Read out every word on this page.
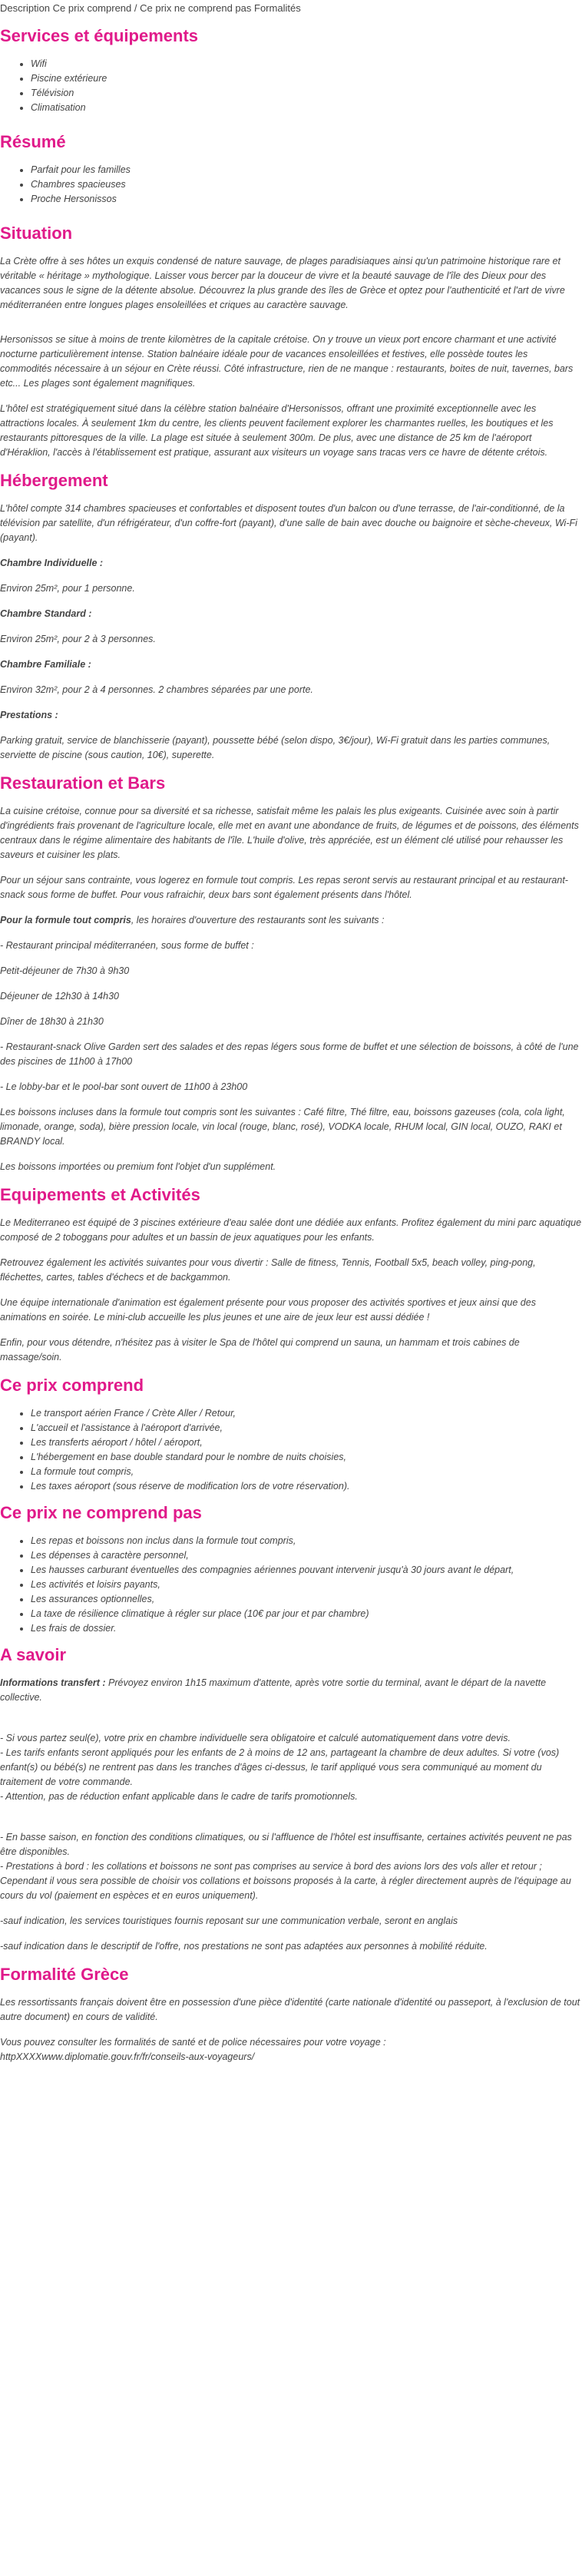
Description Ce prix comprend / Ce prix ne comprend pas Formalités
Services et équipements
• Wifi
• Piscine extérieure
• Télévision
• Climatisation
Résumé
• Parfait pour les familles
• Chambres spacieuses
• Proche Hersonissos
Situation

La Crète offre à ses hôtes un exquis condensé de nature sauvage, de plages paradisiaques ainsi qu'un patrimoine historique rare et véritable « héritage » mythologique. Laisser vous bercer par la douceur de vivre et la beauté sauvage de l'île des Dieux pour des vacances sous le signe de la détente absolue. Découvrez la plus grande des îles de Grèce et optez pour l'authenticité et l'art de vivre méditerranéen entre longues plages ensoleillées et criques au caractère sauvage.

Hersonissos se situe à moins de trente kilomètres de la capitale crétoise. On y trouve un vieux port encore charmant et une activité nocturne particulièrement intense. Station balnéaire idéale pour de vacances ensoleillées et festives, elle possède toutes les commodités nécessaire à un séjour en Crète réussi. Côté infrastructure, rien de ne manque : restaurants, boites de nuit, tavernes, bars etc... Les plages sont également magnifiques.

L'hôtel est stratégiquement situé dans la célèbre station balnéaire d'Hersonissos, offrant une proximité exceptionnelle avec les attractions locales. À seulement 1km du centre, les clients peuvent facilement explorer les charmantes ruelles, les boutiques et les restaurants pittoresques de la ville. La plage est située à seulement 300m. De plus, avec une distance de 25 km de l'aéroport d'Héraklion, l'accès à l'établissement est pratique, assurant aux visiteurs un voyage sans tracas vers ce havre de détente crétois.

Hébergement

L'hôtel compte 314 chambres spacieuses et confortables et disposent toutes d'un balcon ou d'une terrasse, de l'air-conditionné, de la télévision par satellite, d'un réfrigérateur, d'un coffre-fort (payant), d'une salle de bain avec douche ou baignoire et sèche-cheveux, Wi-Fi (payant).

Chambre Individuelle :

Environ 25m², pour 1 personne.

Chambre Standard :

Environ 25m², pour 2 à 3 personnes.

Chambre Familiale :

Environ 32m², pour 2 à 4 personnes. 2 chambres séparées par une porte.

Prestations :

Parking gratuit, service de blanchisserie (payant), poussette bébé (selon dispo, 3€/jour), Wi-Fi gratuit dans les parties communes, serviette de piscine (sous caution, 10€), superette.

Restauration et Bars

La cuisine crétoise, connue pour sa diversité et sa richesse, satisfait même les palais les plus exigeants. Cuisinée avec soin à partir d'ingrédients frais provenant de l'agriculture locale, elle met en avant une abondance de fruits, de légumes et de poissons, des éléments centraux dans le régime alimentaire des habitants de l'île. L'huile d'olive, très appréciée, est un élément clé utilisé pour rehausser les saveurs et cuisiner les plats.

Pour un séjour sans contrainte, vous logerez en formule tout compris. Les repas seront servis au restaurant principal et au restaurant-snack sous forme de buffet. Pour vous rafraichir, deux bars sont également présents dans l'hôtel.

Pour la formule tout compris, les horaires d'ouverture des restaurants sont les suivants :

- Restaurant principal méditerranéen, sous forme de buffet :

Petit-déjeuner de 7h30 à 9h30

Déjeuner de 12h30 à 14h30

Dîner de 18h30 à 21h30

- Restaurant-snack Olive Garden sert des salades et des repas légers sous forme de buffet et une sélection de boissons, à côté de l'une des piscines de 11h00 à 17h00

- Le lobby-bar et le pool-bar sont ouvert de 11h00 à 23h00

Les boissons incluses dans la formule tout compris sont les suivantes : Café filtre, Thé filtre, eau, boissons gazeuses (cola, cola light, limonade, orange, soda), bière pression locale, vin local (rouge, blanc, rosé), VODKA locale, RHUM local, GIN local, OUZO, RAKI et BRANDY local.

Les boissons importées ou premium font l'objet d'un supplément.

Equipements et Activités

Le Mediterraneo est équipé de 3 piscines extérieure d'eau salée dont une dédiée aux enfants. Profitez également du mini parc aquatique composé de 2 toboggans pour adultes et un bassin de jeux aquatiques pour les enfants.

Retrouvez également les activités suivantes pour vous divertir : Salle de fitness, Tennis, Football 5x5, beach volley, ping-pong, fléchettes, cartes, tables d'échecs et de backgammon.

Une équipe internationale d'animation est également présente pour vous proposer des activités sportives et jeux ainsi que des animations en soirée. Le mini-club accueille les plus jeunes et une aire de jeux leur est aussi dédiée !

Enfin, pour vous détendre, n'hésitez pas à visiter le Spa de l'hôtel qui comprend un sauna, un hammam et trois cabines de massage/soin.

Ce prix comprend
• Le transport aérien France / Crète Aller / Retour,
• L'accueil et l'assistance à l'aéroport d'arrivée,
• Les transferts aéroport / hôtel / aéroport,
• L'hébergement en base double standard pour le nombre de nuits choisies,
• La formule tout compris,
• Les taxes aéroport (sous réserve de modification lors de votre réservation).
Ce prix ne comprend pas
• Les repas et boissons non inclus dans la formule tout compris,
• Les dépenses à caractère personnel,
• Les hausses carburant éventuelles des compagnies aériennes pouvant intervenir jusqu'à 30 jours avant le départ,
• Les activités et loisirs payants,
• Les assurances optionnelles,
• La taxe de résilience climatique à régler sur place (10€ par jour et par chambre)
• Les frais de dossier.
A savoir

Informations transfert : Prévoyez environ 1h15 maximum d'attente, après votre sortie du terminal, avant le départ de la navette collective.

- Si vous partez seul(e), votre prix en chambre individuelle sera obligatoire et calculé automatiquement dans votre devis.
- Les tarifs enfants seront appliqués pour les enfants de 2 à moins de 12 ans, partageant la chambre de deux adultes. Si votre (vos) enfant(s) ou bébé(s) ne rentrent pas dans les tranches d'âges ci-dessus, le tarif appliqué vous sera communiqué au moment du traitement de votre commande.
- Attention, pas de réduction enfant applicable dans le cadre de tarifs promotionnels.

- En basse saison, en fonction des conditions climatiques, ou si l'affluence de l'hôtel est insuffisante, certaines activités peuvent ne pas être disponibles.
- Prestations à bord : les collations et boissons ne sont pas comprises au service à bord des avions lors des vols aller et retour ; Cependant il vous sera possible de choisir vos collations et boissons proposés à la carte, à régler directement auprès de l'équipage au cours du vol (paiement en espèces et en euros uniquement).

-sauf indication, les services touristiques fournis reposant sur une communication verbale, seront en anglais

-sauf indication dans le descriptif de l'offre, nos prestations ne sont pas adaptées aux personnes à mobilité réduite.

Formalité Grèce

Les ressortissants français doivent être en possession d'une pièce d'identité (carte nationale d'identité ou passeport, à l'exclusion de tout autre document) en cours de validité.

Vous pouvez consulter les formalités de santé et de police nécessaires pour votre voyage :
httpXXXXwww.diplomatie.gouv.fr/fr/conseils-aux-voyageurs/
